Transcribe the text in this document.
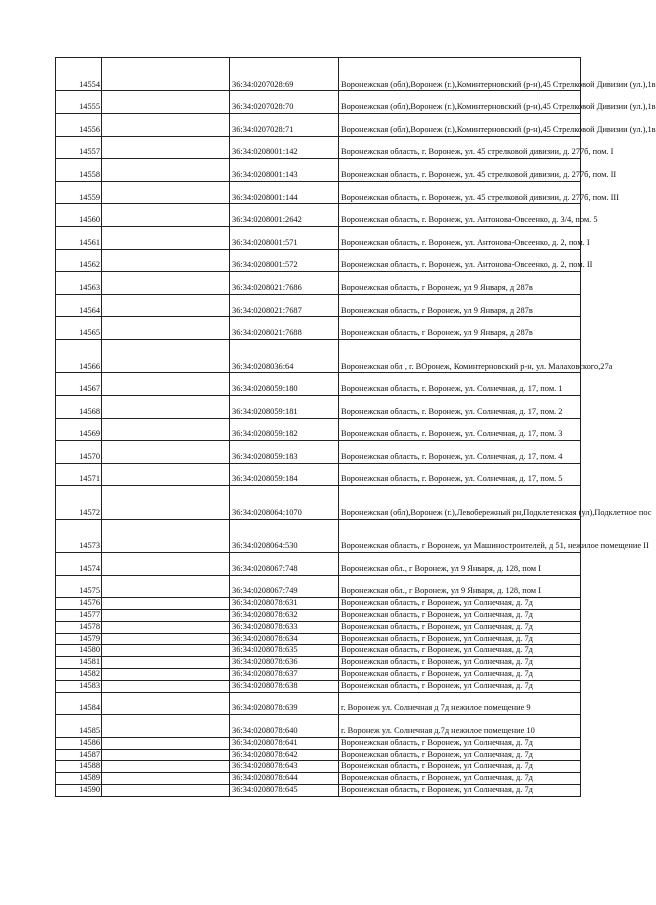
14554		36:34:0207028:69	Воронежская (обл),Воронеж (г.),Коминтерновский (р-н),45 Стрелковой Дивизии (ул.),1в
14555		36:34:0207028:70	Воронежская (обл),Воронеж (г.),Коминтерновский (р-н),45 Стрелковой Дивизии (ул.),1в
14556		36:34:0207028:71	Воронежская (обл),Воронеж (г.),Коминтерновский (р-н),45 Стрелковой Дивизии (ул.),1в
14557		36:34:0208001:142	Воронежская область, г. Воронеж, ул. 45 стрелковой дивизии, д. 277б, пом. I
14558		36:34:0208001:143	Воронежская область, г. Воронеж, ул. 45 стрелковой дивизии, д. 277б, пом. II
14559		36:34:0208001:144	Воронежская область, г. Воронеж, ул. 45 стрелковой дивизии, д. 277б, пом. III
14560		36:34:0208001:2642	Воронежская область, г. Воронеж, ул. Антонова-Овсеенко, д. 3/4, пом. 5
14561		36:34:0208001:571	Воронежская область, г. Воронеж, ул. Антонова-Овсеенко, д. 2, пом. I
14562		36:34:0208001:572	Воронежская область, г. Воронеж, ул. Антонова-Овсеенко, д. 2, пом. II
14563		36:34:0208021:7686	Воронежская область, г Воронеж, ул 9 Января, д 287в
14564		36:34:0208021:7687	Воронежская область, г Воронеж, ул 9 Января, д 287в
14565		36:34:0208021:7688	Воронежская область, г Воронеж, ул 9 Января, д 287в
14566		36:34:0208036:64	Воронежская обл , г. ВОронеж, Коминтерновский р-н, ул. Малаховского,27а
14567		36:34:0208059:180	Воронежская область, г. Воронеж, ул. Солнечная, д. 17, пом. 1
14568		36:34:0208059:181	Воронежская область, г. Воронеж, ул. Солнечная, д. 17, пом. 2
14569		36:34:0208059:182	Воронежская область, г. Воронеж, ул. Солнечная, д. 17, пом. 3
14570		36:34:0208059:183	Воронежская область, г. Воронеж, ул. Солнечная, д. 17, пом. 4
14571		36:34:0208059:184	Воронежская область, г. Воронеж, ул. Солнечная, д. 17, пом. 5
14572		36:34:0208064:1070	Воронежская (обл),Воронеж (г.),Левобережный рн,Подклетенская (ул),Подклетное пос
14573		36:34:0208064:530	Воронежская область, г Воронеж, ул Машиностроителей, д 51, нежилое помещение II
14574		36:34:0208067:748	Воронежская обл., г Воронеж, ул 9 Января, д. 128, пом I
14575		36:34:0208067:749	Воронежская обл., г Воронеж, ул 9 Января, д. 128, пом I
14576		36:34:0208078:631	Воронежская область, г Воронеж, ул Солнечная, д. 7д
14577		36:34:0208078:632	Воронежская область, г Воронеж, ул Солнечная, д. 7д
14578		36:34:0208078:633	Воронежская область, г Воронеж, ул Солнечная, д. 7д
14579		36:34:0208078:634	Воронежская область, г Воронеж, ул Солнечная, д. 7д
14580		36:34:0208078:635	Воронежская область, г Воронеж, ул Солнечная, д. 7д
14581		36:34:0208078:636	Воронежская область, г Воронеж, ул Солнечная, д. 7д
14582		36:34:0208078:637	Воронежская область, г Воронеж, ул Солнечная, д. 7д
14583		36:34:0208078:638	Воронежская область, г Воронеж, ул Солнечная, д. 7д
14584		36:34:0208078:639	г. Воронеж ул. Солнечная д 7д нежилое помещение 9
14585		36:34:0208078:640	г. Воронеж ул. Солнечная д.7д нежилое помещение 10
14586		36:34:0208078:641	Воронежская область, г Воронеж, ул Солнечная, д. 7д
14587		36:34:0208078:642	Воронежская область, г Воронеж, ул Солнечная, д. 7д
14588		36:34:0208078:643	Воронежская область, г Воронеж, ул Солнечная, д. 7д
14589		36:34:0208078:644	Воронежская область, г Воронеж, ул Солнечная, д. 7д
14590		36:34:0208078:645	Воронежская область, г Воронеж, ул Солнечная, д. 7д
